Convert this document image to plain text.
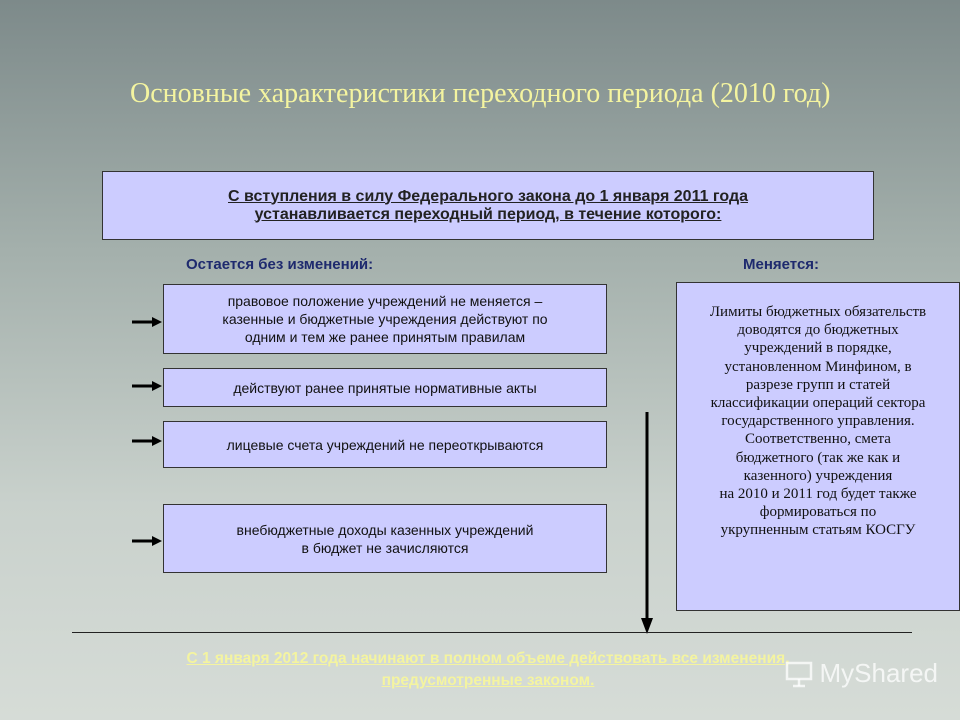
Основные характеристики переходного периода (2010 год)
С вступления в силу Федерального закона до 1 января 2011 года
устанавливается переходный период, в течение которого:
Остается без изменений:	Меняется:
правовое положение учреждений не меняется –
казенные и бюджетные учреждения действуют по
одним и тем же ранее принятым правилам
действуют ранее принятые нормативные акты
лицевые счета учреждений не переоткрываются
внебюджетные доходы казенных учреждений
в бюджет не зачисляются
Лимиты бюджетных обязательств
доводятся до бюджетных
учреждений в порядке,
установленном Минфином, в
разрезе групп и статей
классификации операций сектора
государственного управления.
Соответственно, смета
бюджетного (так же как и
казенного) учреждения
на 2010 и 2011 год будет также
формироваться по
укрупненным статьям КОСГУ
С 1 января 2012 года начинают в полном объеме действовать все изменения,
предусмотренные законом.	MyShared
